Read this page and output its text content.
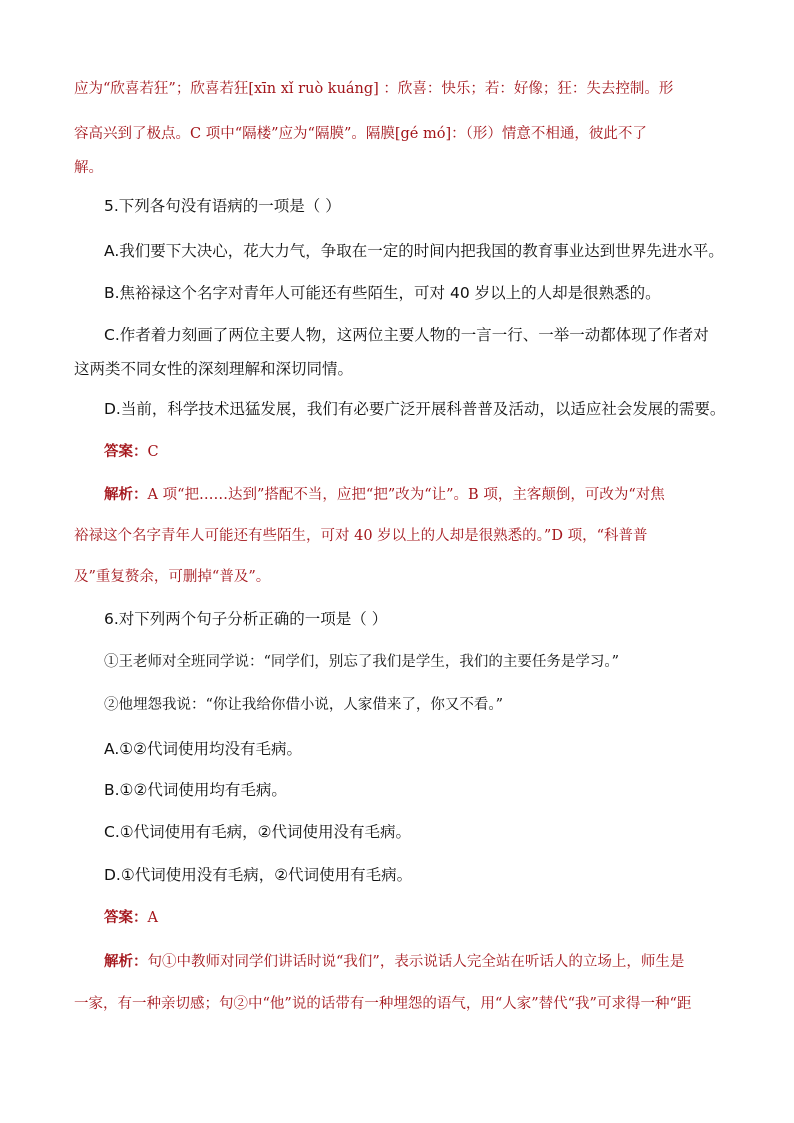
应为“欣喜若狂”；欣喜若狂[xīn xǐ ruò kuáng] ：欣喜：快乐；若：好像；狂：失去控制。形
容高兴到了极点。C 项中“隔楼”应为“隔膜”。隔膜[gé mó]：（形）情意不相通，彼此不了
解。
5.下列各句没有语病的一项是（ ）
A.我们要下大决心，花大力气，争取在一定的时间内把我国的教育事业达到世界先进水平。
B.焦裕禄这个名字对青年人可能还有些陌生，可对 40 岁以上的人却是很熟悉的。
C.作者着力刻画了两位主要人物，这两位主要人物的一言一行、一举一动都体现了作者对
这两类不同女性的深刻理解和深切同情。
D.当前，科学技术迅猛发展，我们有必要广泛开展科普普及活动，以适应社会发展的需要。
答案：C
解析：A 项“把……达到”搭配不当，应把“把”改为“让”。B 项，主客颠倒，可改为“对焦
裕禄这个名字青年人可能还有些陌生，可对 40 岁以上的人却是很熟悉的。”D 项，“科普普
及”重复赘余，可删掉“普及”。
6.对下列两个句子分析正确的一项是（ ）
①王老师对全班同学说：“同学们，别忘了我们是学生，我们的主要任务是学习。”
②他埋怨我说：“你让我给你借小说，人家借来了，你又不看。”
A.①②代词使用均没有毛病。
B.①②代词使用均有毛病。
C.①代词使用有毛病，②代词使用没有毛病。
D.①代词使用没有毛病，②代词使用有毛病。
答案：A
解析：句①中教师对同学们讲话时说“我们”，表示说话人完全站在听话人的立场上，师生是
一家，有一种亲切感；句②中“他”说的话带有一种埋怨的语气，用“人家”替代“我”可求得一种“距
